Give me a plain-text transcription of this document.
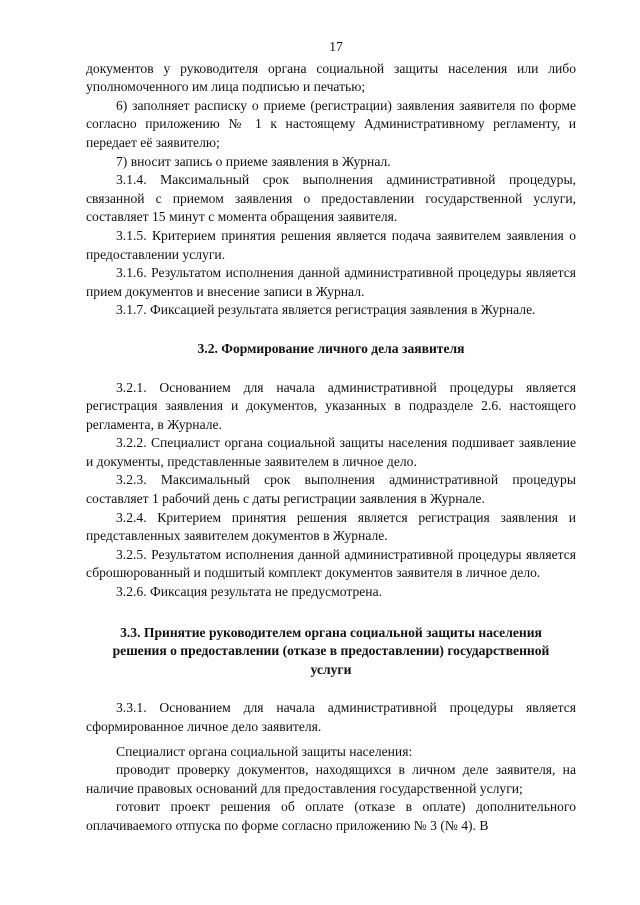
17

документов у руководителя органа социальной защиты населения или либо уполномоченного им лица подписью и печатью;

6) заполняет расписку о приеме (регистрации) заявления заявителя по форме согласно приложению № 1 к настоящему Административному регламенту, и передает её заявителю;

7) вносит запись о приеме заявления в Журнал.

3.1.4. Максимальный срок выполнения административной процедуры, связанной с приемом заявления о предоставлении государственной услуги, составляет 15 минут с момента обращения заявителя.

3.1.5. Критерием принятия решения является подача заявителем заявления о предоставлении услуги.

3.1.6. Результатом исполнения данной административной процедуры является прием документов и внесение записи в Журнал.

3.1.7. Фиксацией результата является регистрация заявления в Журнале.

3.2. Формирование личного дела заявителя

3.2.1. Основанием для начала административной процедуры является регистрация заявления и документов, указанных в подразделе 2.6. настоящего регламента, в Журнале.

3.2.2. Специалист органа социальной защиты населения подшивает заявление и документы, представленные заявителем в личное дело.

3.2.3. Максимальный срок выполнения административной процедуры составляет 1 рабочий день с даты регистрации заявления в Журнале.

3.2.4. Критерием принятия решения является регистрация заявления и представленных заявителем документов в Журнале.

3.2.5. Результатом исполнения данной административной процедуры является сброшюрованный и подшитый комплект документов заявителя в личное дело.

3.2.6. Фиксация результата не предусмотрена.

3.3. Принятие руководителем органа социальной защиты населения решения о предоставлении (отказе в предоставлении) государственной услуги

3.3.1. Основанием для начала административной процедуры является сформированное личное дело заявителя.

Специалист органа социальной защиты населения:

проводит проверку документов, находящихся в личном деле заявителя, на наличие правовых оснований для предоставления государственной услуги;

готовит проект решения об оплате (отказе в оплате) дополнительного оплачиваемого отпуска по форме согласно приложению № 3 (№ 4). В
